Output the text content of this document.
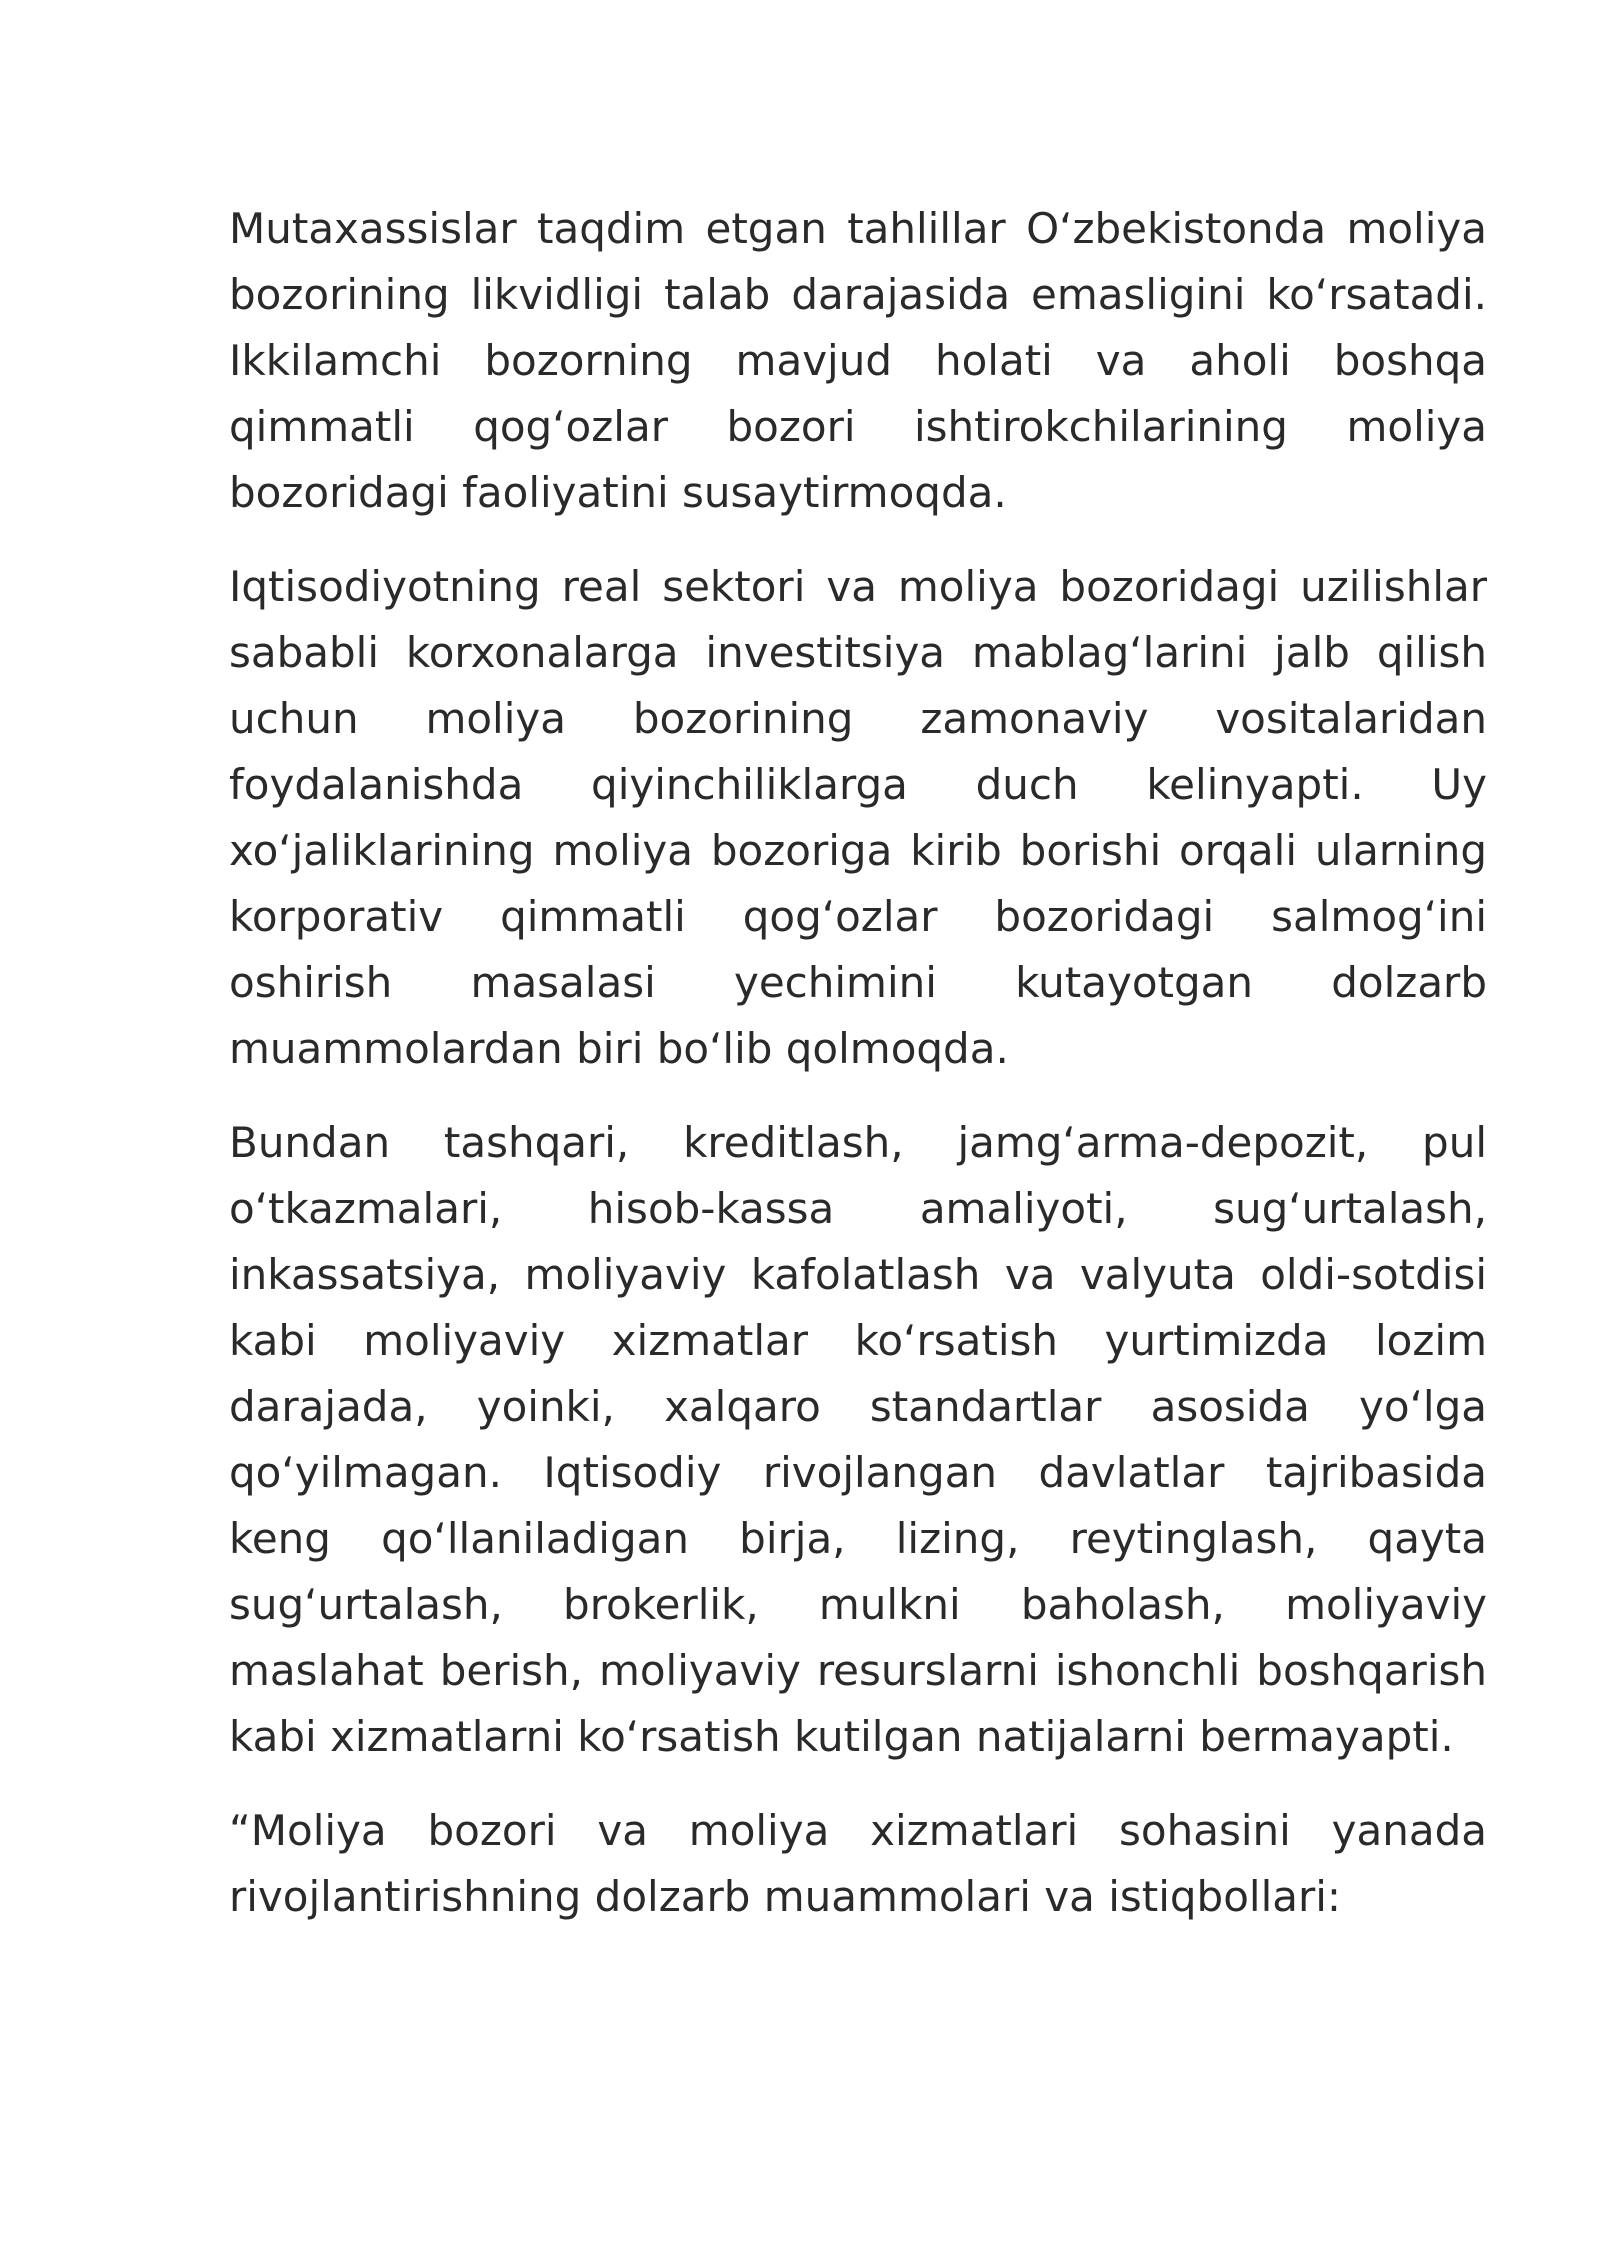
Mutaxassislar taqdim etgan tahlillar O‘zbekistonda moliya bozorining likvidligi talab darajasida emasligini ko‘rsatadi. Ikkilamchi bozorning mavjud holati va aholi boshqa qimmatli qog‘ozlar bozori ishtirokchilarining moliya bozoridagi faoliyatini susaytirmoqda.

Iqtisodiyotning real sektori va moliya bozoridagi uzilishlar sababli korxonalarga investitsiya mablag‘larini jalb qilish uchun moliya bozorining zamonaviy vositalaridan foydalanishda qiyinchiliklarga duch kelinyapti. Uy xo‘jaliklarining moliya bozoriga kirib borishi orqali ularning korporativ qimmatli qog‘ozlar bozoridagi salmog‘ini oshirish masalasi yechimini kutayotgan dolzarb muammolardan biri bo‘lib qolmoqda.

Bundan tashqari, kreditlash, jamg‘arma-depozit, pul o‘tkazmalari, hisob-kassa amaliyoti, sug‘urtalash, inkassatsiya, moliyaviy kafolatlash va valyuta oldi-sotdisi kabi moliyaviy xizmatlar ko‘rsatish yurtimizda lozim darajada, yoinki, xalqaro standartlar asosida yo‘lga qo‘yilmagan. Iqtisodiy rivojlangan davlatlar tajribasida keng qo‘llaniladigan birja, lizing, reytinglash, qayta sug‘urtalash, brokerlik, mulkni baholash, moliyaviy maslahat berish, moliyaviy resurslarni ishonchli boshqarish kabi xizmatlarni ko‘rsatish kutilgan natijalarni bermayapti.

“Moliya bozori va moliya xizmatlari sohasini yanada rivojlantirishning dolzarb muammolari va istiqbollari:
